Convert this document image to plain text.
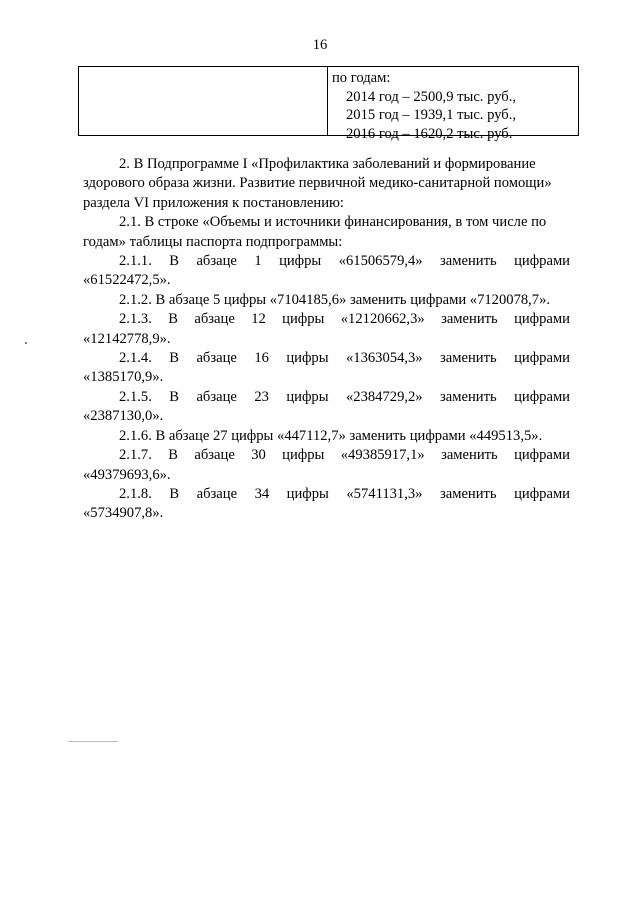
16
по годам:
2014 год – 2500,9 тыс. руб.,
2015 год – 1939,1 тыс. руб.,
2016 год – 1620,2 тыс. руб.

2. В Подпрограмме I «Профилактика заболеваний и формирование
здорового образа жизни. Развитие первичной медико-санитарной помощи»
раздела VI приложения к постановлению:

2.1. В строке «Объемы и источники финансирования, в том числе по
годам» таблицы паспорта подпрограммы:

2.1.1. В абзаце 1 цифры «61506579,4» заменить цифрами
«61522472,5».
2.1.2. В абзаце 5 цифры «7104185,6» заменить цифрами «7120078,7».
2.1.3. В абзаце 12 цифры «12120662,3» заменить цифрами
«12142778,9».
2.1.4. В абзаце 16 цифры «1363054,3» заменить цифрами
«1385170,9».
2.1.5. В абзаце 23 цифры «2384729,2» заменить цифрами
«2387130,0».
2.1.6. В абзаце 27 цифры «447112,7» заменить цифрами «449513,5».
2.1.7. В абзаце 30 цифры «49385917,1» заменить цифрами
«49379693,6».
2.1.8. В абзаце 34 цифры «5741131,3» заменить цифрами
«5734907,8».
